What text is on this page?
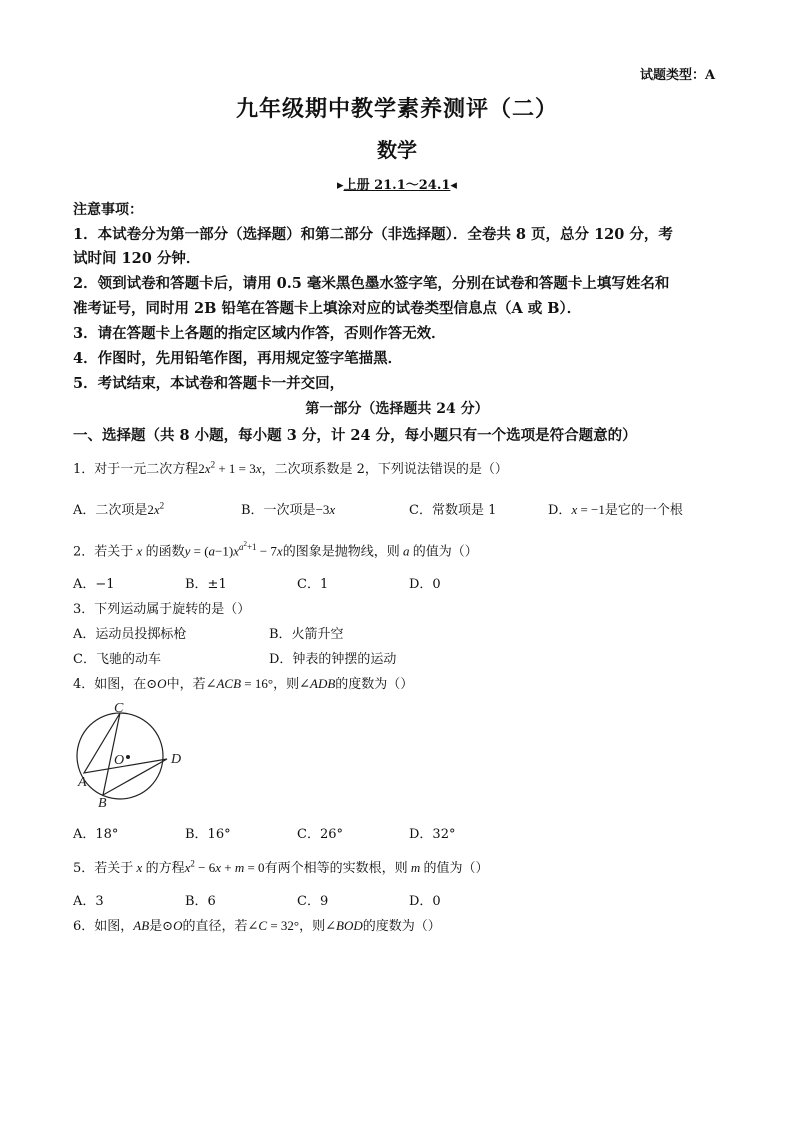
试题类型：A
九年级期中教学素养测评（二）
数学
▸上册 21.1～24.1◂
注意事项：
1．本试卷分为第一部分（选择题）和第二部分（非选择题）．全卷共 8 页，总分 120 分，考
试时间 120 分钟．
2．领到试卷和答题卡后，请用 0.5 毫米黑色墨水签字笔，分别在试卷和答题卡上填写姓名和
准考证号，同时用 2B 铅笔在答题卡上填涂对应的试卷类型信息点（A 或 B）．
3．请在答题卡上各题的指定区域内作答，否则作答无效．
4．作图时，先用铅笔作图，再用规定签字笔描黑．
5．考试结束，本试卷和答题卡一并交回，
第一部分（选择题共 24 分）
一、选择题（共 8 小题，每小题 3 分，计 24 分，每小题只有一个选项是符合题意的）
1．对于一元二次方程$2x^2 + 1 = 3x$，二次项系数是 2，下列说法错误的是（）
A．二次项是$2x^2$	B．一次项是−3x	C．常数项是 1	D．x = −1是它的一个根
2．若关于 x 的函数$y = (a-1)x^{a^2+1} - 7x$的图象是抛物线，则 a 的值为（）
A．−1	B．±1	C．1	D．0
3．下列运动属于旋转的是（）
A．运动员投掷标枪	B．火箭升空
C．飞驰的动车	D．钟表的钟摆的运动
4．如图，在⊙O中，若∠ACB = 16°，则∠ADB的度数为（）
C
O	D
A
B
A．18°	B．16°	C．26°	D．32°
5．若关于 x 的方程$x^2 - 6x + m = 0$有两个相等的实数根，则 m 的值为（）
A．3	B．6	C．9	D．0
6．如图，AB是⊙O的直径，若∠C = 32°，则∠BOD的度数为（）
